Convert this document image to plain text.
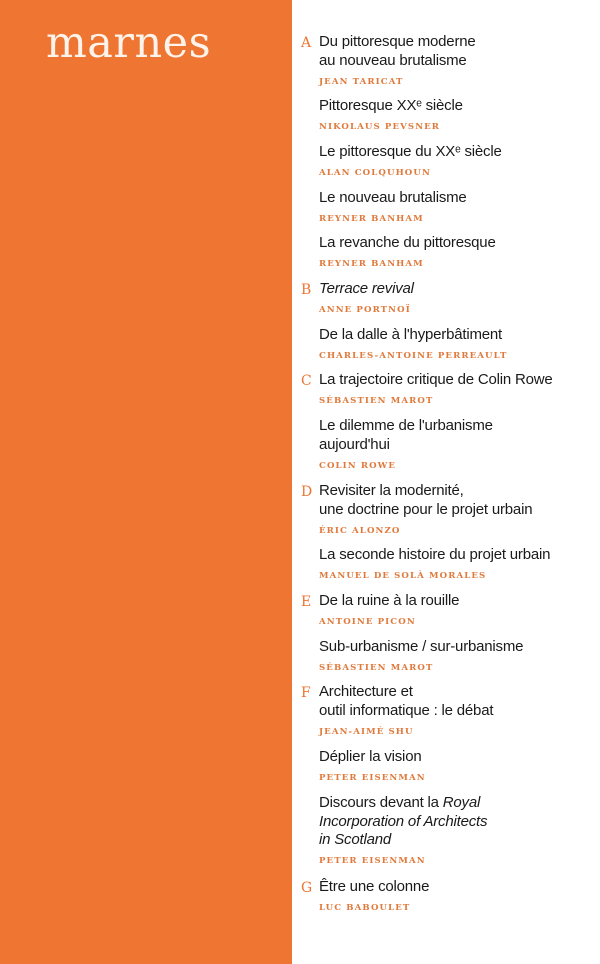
marnes	A Du pittoresque moderne
au nouveau brutalisme
JEAN TARICAT
Pittoresque XXᵉ siècle
NIKOLAUS PEVSNER
Le pittoresque du XXᵉ siècle
ALAN COLQUHOUN
Le nouveau brutalisme
REYNER BANHAM
La revanche du pittoresque
REYNER BANHAM
B Terrace revival
ANNE PORTNOÏ
De la dalle à l'hyperbâtiment
CHARLES-ANTOINE PERREAULT
C La trajectoire critique de Colin Rowe
SÉBASTIEN MAROT
Le dilemme de l'urbanisme
aujourd'hui
COLIN ROWE
D Revisiter la modernité,
une doctrine pour le projet urbain
ÉRIC ALONZO
La seconde histoire du projet urbain
MANUEL DE SOLÀ MORALES
E De la ruine à la rouille
ANTOINE PICON
Sub-urbanisme / sur-urbanisme
SÉBASTIEN MAROT
F Architecture et
outil informatique : le débat
JEAN-AIMÉ SHU
Déplier la vision
PETER EISENMAN
Discours devant la Royal
Incorporation of Architects
in Scotland
PETER EISENMAN
G Être une colonne
LUC BABOULET
